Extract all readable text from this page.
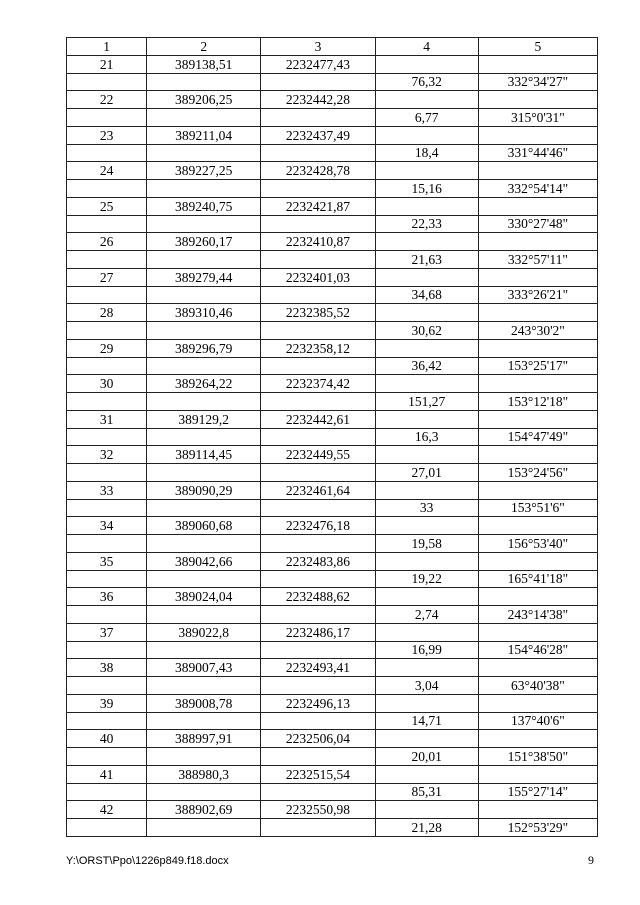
1	2	3	4	5
21	389138,51	2232477,43		
			76,32	332°34'27"
22	389206,25	2232442,28		
			6,77	315°0'31"
23	389211,04	2232437,49		
			18,4	331°44'46"
24	389227,25	2232428,78		
			15,16	332°54'14"
25	389240,75	2232421,87		
			22,33	330°27'48"
26	389260,17	2232410,87		
			21,63	332°57'11"
27	389279,44	2232401,03		
			34,68	333°26'21"
28	389310,46	2232385,52		
			30,62	243°30'2"
29	389296,79	2232358,12		
			36,42	153°25'17"
30	389264,22	2232374,42		
			151,27	153°12'18"
31	389129,2	2232442,61		
			16,3	154°47'49"
32	389114,45	2232449,55		
			27,01	153°24'56"
33	389090,29	2232461,64		
			33	153°51'6"
34	389060,68	2232476,18		
			19,58	156°53'40"
35	389042,66	2232483,86		
			19,22	165°41'18"
36	389024,04	2232488,62		
			2,74	243°14'38"
37	389022,8	2232486,17		
			16,99	154°46'28"
38	389007,43	2232493,41		
			3,04	63°40'38"
39	389008,78	2232496,13		
			14,71	137°40'6"
40	388997,91	2232506,04		
			20,01	151°38'50"
41	388980,3	2232515,54		
			85,31	155°27'14"
42	388902,69	2232550,98		
			21,28	152°53'29"
Y:\ORST\Ppo\1226p849.f18.docx	9
